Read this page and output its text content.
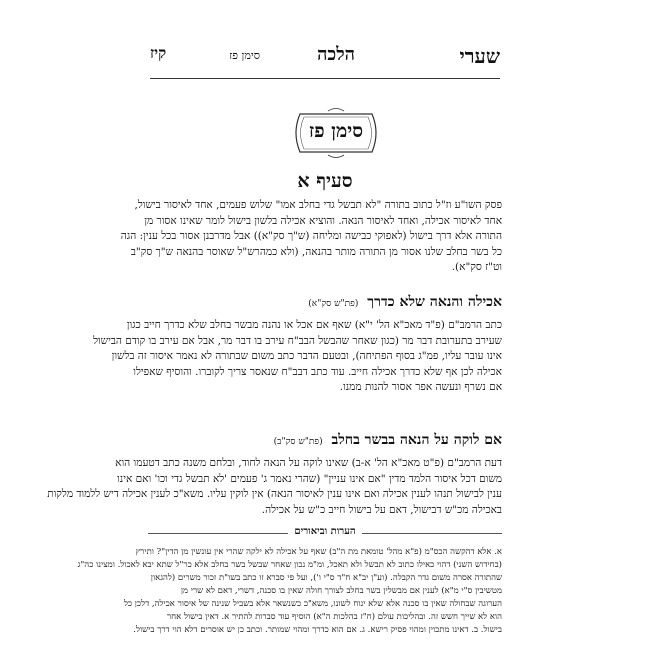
שערי
סימן פז	הלכה
קיז
סימן פז
סעיף א
פסק השו"ע וז"ל כתוב בתורה "לא תבשל גדי בחלב אמו" שלוש פעמים, אחד לאיסור בישול,
אחד לאיסור אכילה, ואחד לאיסור הנאה. והוציא אכילה בלשון בישול לומר שאינו אסור מן
התורה אלא דרך בישול (לאפוקי כבישה ומליחה (ש"ך סק"א)) אבל מדרבנן אסור בכל ענין: הגה
כל בשר בחלב שלנו אסור מן התורה מותר בהנאה, (ולא כמהרש"ל שאוסר בהנאה ש"ך סק"ב
וט"ז סק"א).
אכילה והנאה שלא כדרך (פת"ש סק"א)
כתב הרמב"ם (פ"ד מאכ"א הל' י"א) שאף אם אכל או נהנה מבשר בחלב שלא כדרך חייב כגון
שעירב בתערובת דבר מר (כגון שאחר שהבשל הבב"ח עירב בו דבר מר, אבל אם עירב בו קודם הבישול
אינו עובר עליו, פמ"ג בסוף הפתיחה), ובטעם הדבר כתב משום שבתורה לא נאמר איסור זה בלשון
אכילה לכן אף שלא כדרך אכילה חייב. עוד כתב דבב"ח שנאסר צריך לקוברו. והוסיף שאפילו
אם נשרף ונעשה אפר אסור להנות ממנו.
אם לוקה על הנאה בבשר בחלב (פת"ש סק"ב)
דעת הרמב"ם (פ"ט מאכ"א הל' א-ב) שאינו לוקה על הנאה לחוד, ובלחם משנה כתב דטעמו הוא
משום דכל איסור הלמד מדין "אם אינו עניין" (שהרי נאמר ג' פעמים 'לא תבשל גדי וכו' ואם אינו
ענין לבישול תנהו לענין אכילה ואם אינו ענין לאיסור הנאה) אין לוקין עליו. משא"כ לענין אכילה דיש ללמוד מלקות
באכילה מכ"ש דבישול, דאם על בישול חייב כ"ש על אכילה.
הערות וביאורים
א. אלא דהקשה הכס"מ (פ"א מהל' טומאת מת ה"ב) שאף על אכילה לא ילקה שהרי אין עונשין מן הדין"? ותירץ
(בחידוש השני) דהוי כאילו כתוב לא תבשל ולא תאכל, ומ"מ נכון שאחר שבשל בשר בחלב אלא כר"ל שתא יבא לאכול. ומצינו כה"ג
שהתורה אסרה משום גדר הקבלה. (וע"ן יב"א ח"ד ס"י ו'), ועל פי סברא זו כתב בשו"ת זכור משרים (להגאון
מטשיבין ס"י מ"א) לענין אם מבשלין בשר בחלב לצורך חולה שאין בו סכנה, דשרי, דאם לא שרי מן
הערוגה שבחולה שאין בו סכנה אלא שלא ינוח לשונו, משא"כ כשנשאר אלא בשביל שנינה של איסור אכילה, דלכן כל
הוא לא שייך חשש זה. ובהליכות עולם (ח"ז בהלכות ה"א) הוסיף עוד סברות להתיר א. דאין בישול אחר
בישול. ב. דאינו מתכוין ומהוי פסיק רישא. ג. אם הוא כדרך ומהוי שמותר. וכתב כן יש אוסרים דלא הוי דרך בישול.
